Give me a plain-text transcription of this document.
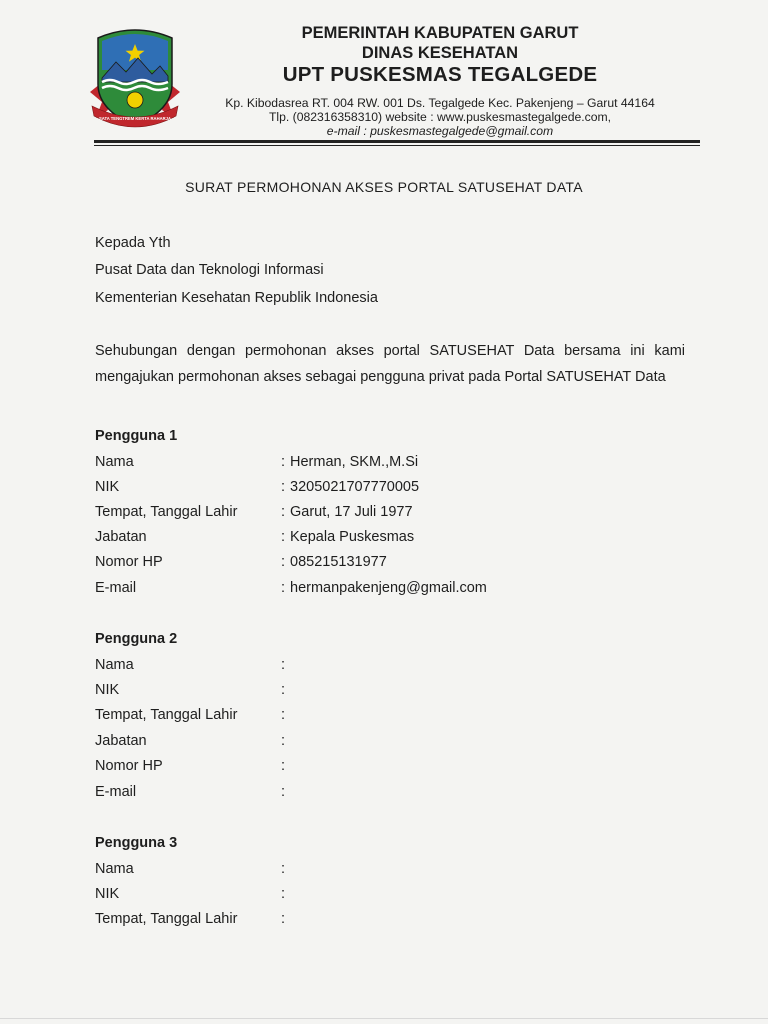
SATA TENGTREM KERTA RAHARJA
PEMERINTAH KABUPATEN GARUT
DINAS KESEHATAN
UPT PUSKESMAS TEGALGEDE
Kp. Kibodasrea RT. 004 RW. 001 Ds. Tegalgede Kec. Pakenjeng – Garut 44164
Tlp. (082316358310) website : www.puskesmastegalgede.com,
e-mail : puskesmastegalgede@gmail.com
SURAT PERMOHONAN AKSES PORTAL SATUSEHAT DATA
Kepada Yth
Pusat Data dan Teknologi Informasi
Kementerian Kesehatan Republik Indonesia
Sehubungan dengan permohonan akses portal SATUSEHAT Data bersama ini kami mengajukan permohonan akses sebagai pengguna privat pada Portal SATUSEHAT Data
Pengguna 1
Nama	: Herman, SKM.,M.Si
NIK	: 3205021707770005
Tempat, Tanggal Lahir	: Garut, 17 Juli 1977
Jabatan	: Kepala Puskesmas
Nomor HP	: 085215131977
E-mail	: hermanpakenjeng@gmail.com
Pengguna 2
Nama	:
NIK	:
Tempat, Tanggal Lahir	:
Jabatan	:
Nomor HP	:
E-mail	:
Pengguna 3
Nama	:
NIK	:
Tempat, Tanggal Lahir	:
